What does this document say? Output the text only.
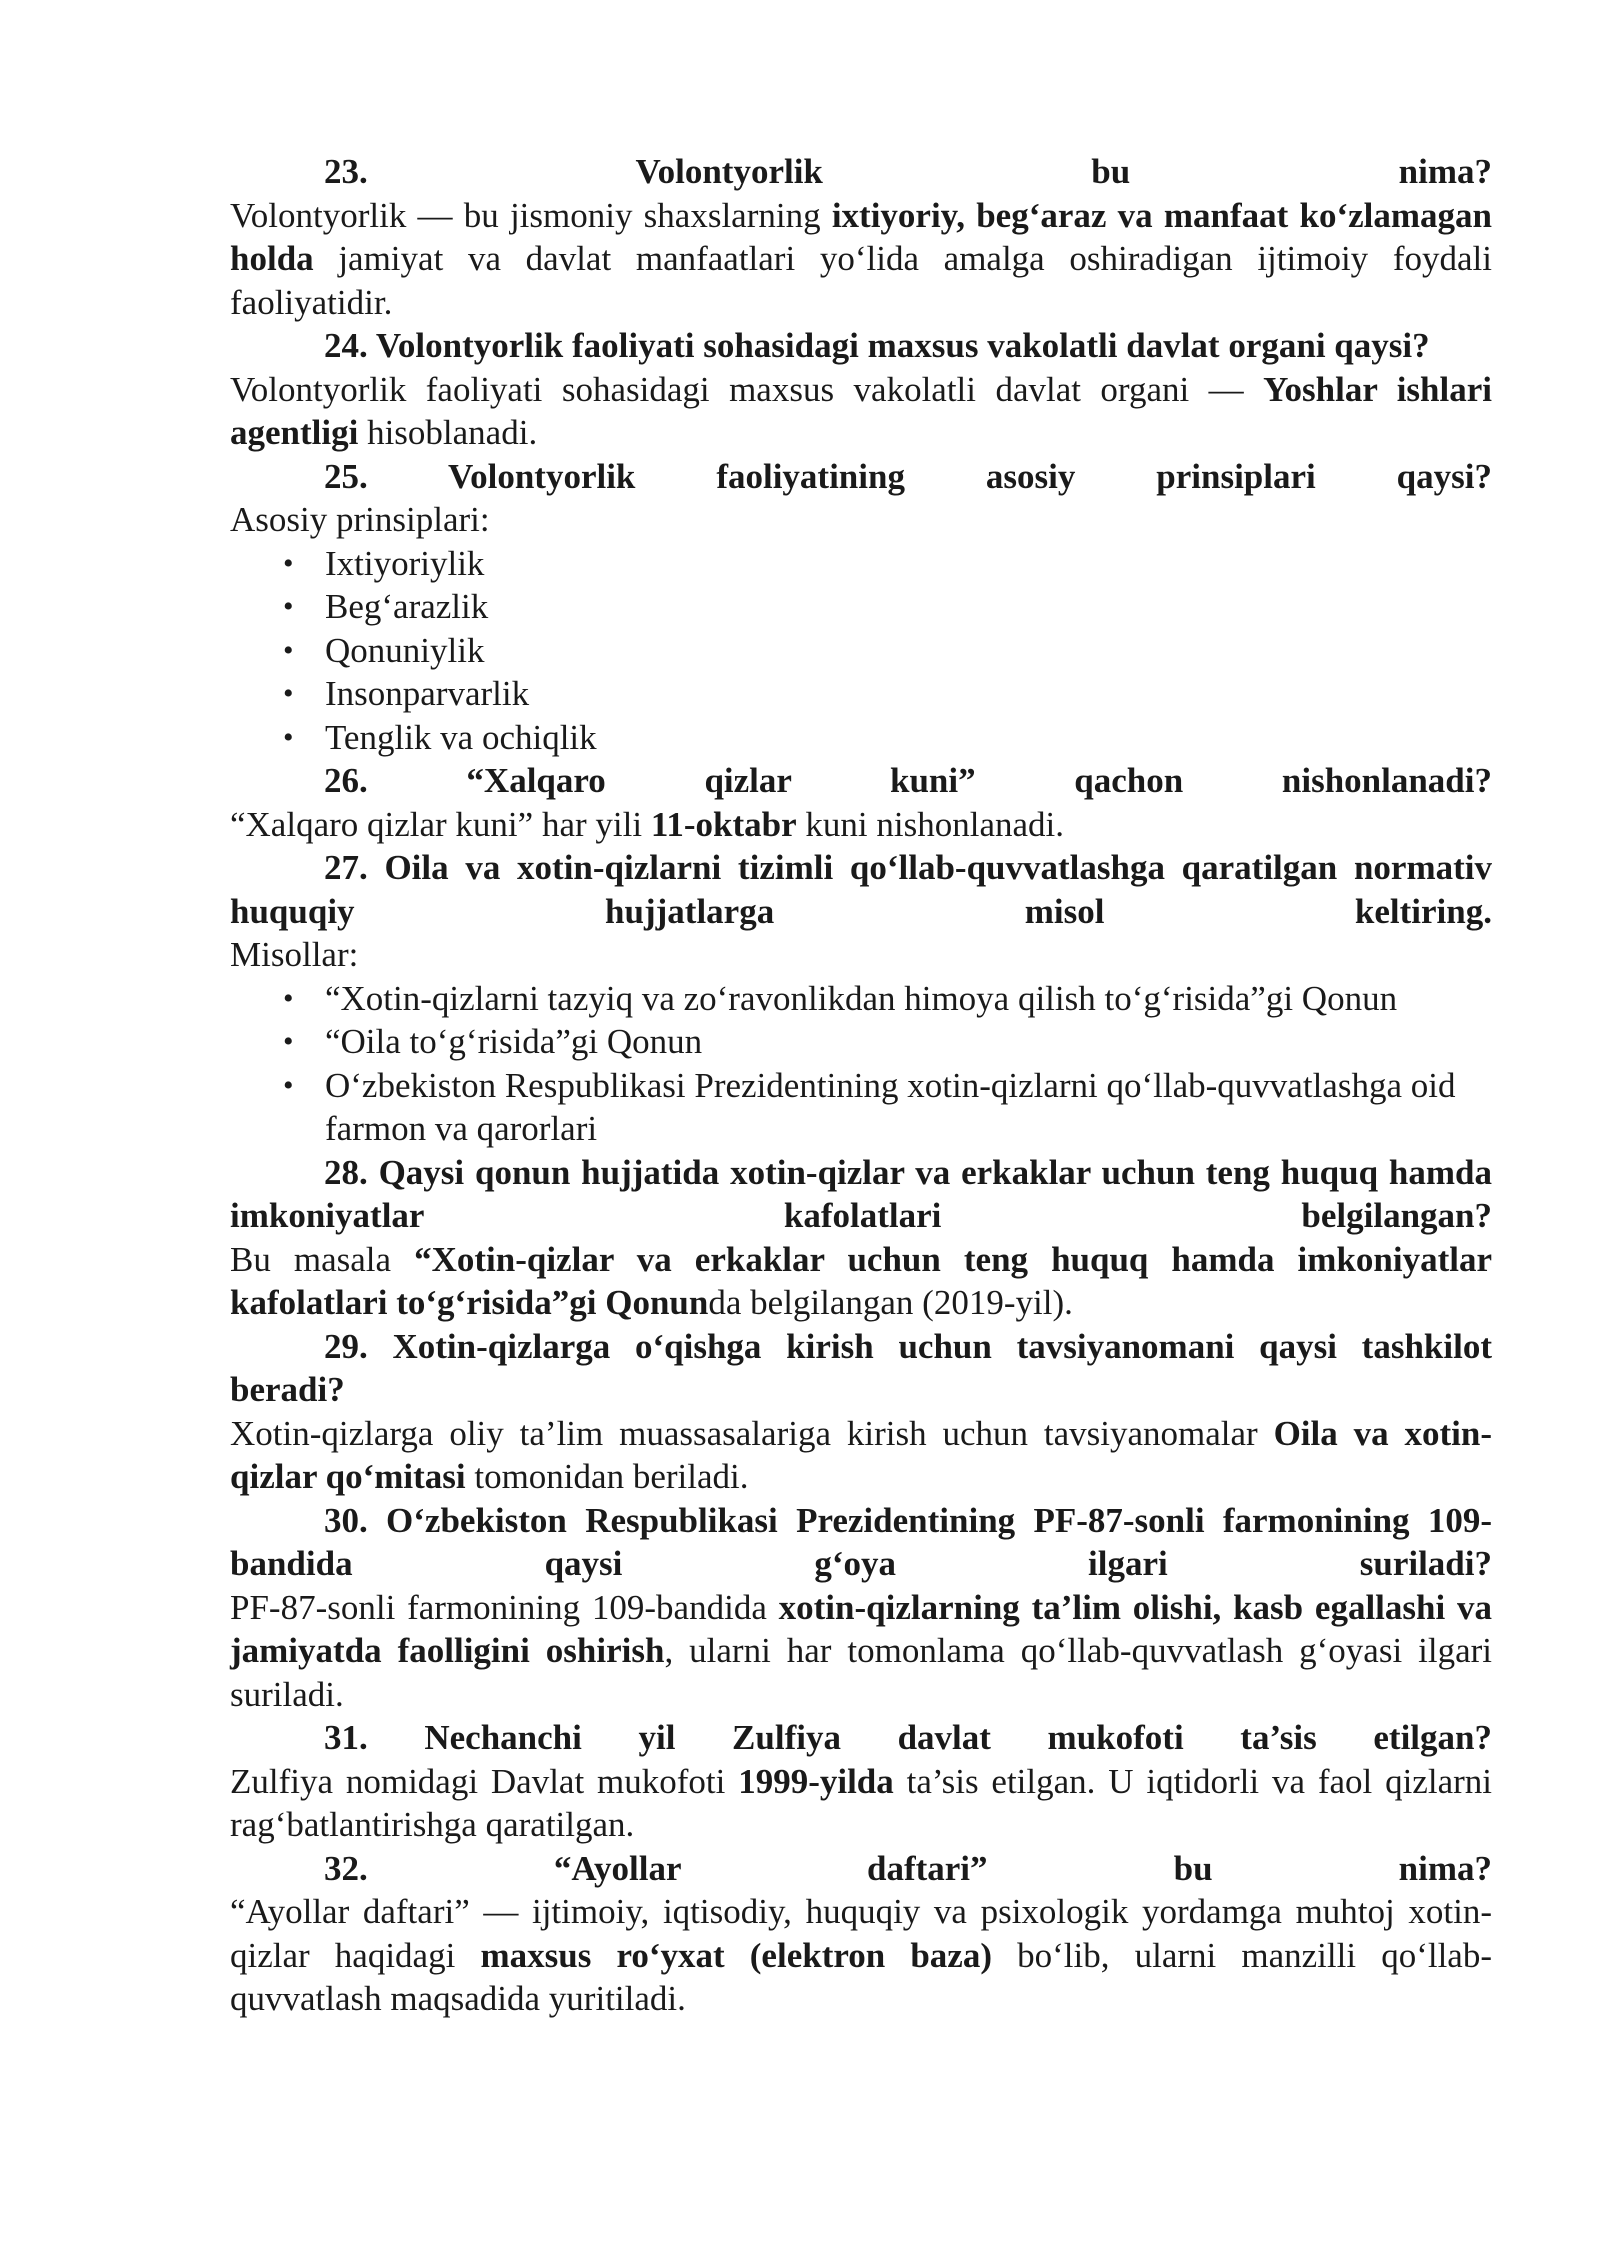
23. Volontyorlik bu nima?

Volontyorlik — bu jismoniy shaxslarning ixtiyoriy, beg‘araz va manfaat ko‘zlamagan holda jamiyat va davlat manfaatlari yo‘lida amalga oshiradigan ijtimoiy foydali faoliyatidir.

24. Volontyorlik faoliyati sohasidagi maxsus vakolatli davlat organi qaysi?

Volontyorlik faoliyati sohasidagi maxsus vakolatli davlat organi — Yoshlar ishlari agentligi hisoblanadi.

25. Volontyorlik faoliyatining asosiy prinsiplari qaysi?

Asosiy prinsiplari:

• Ixtiyoriylik
• Beg‘arazlik
• Qonuniylik
• Insonparvarlik
• Tenglik va ochiqlik

26. “Xalqaro qizlar kuni” qachon nishonlanadi?

“Xalqaro qizlar kuni” har yili 11-oktabr kuni nishonlanadi.

27. Oila va xotin-qizlarni tizimli qo‘llab-quvvatlashga qaratilgan normativ huquqiy hujjatlarga misol keltiring.

Misollar:

• “Xotin-qizlarni tazyiq va zo‘ravonlikdan himoya qilish to‘g‘risida”gi Qonun
• “Oila to‘g‘risida”gi Qonun
• O‘zbekiston Respublikasi Prezidentining xotin-qizlarni qo‘llab-quvvatlashga oid farmon va qarorlari

28. Qaysi qonun hujjatida xotin-qizlar va erkaklar uchun teng huquq hamda imkoniyatlar kafolatlari belgilangan?

Bu masala “Xotin-qizlar va erkaklar uchun teng huquq hamda imkoniyatlar kafolatlari to‘g‘risida”gi Qonunda belgilangan (2019-yil).

29. Xotin-qizlarga o‘qishga kirish uchun tavsiyanomani qaysi tashkilot beradi?

Xotin-qizlarga oliy ta’lim muassasalariga kirish uchun tavsiyanomalar Oila va xotin-qizlar qo‘mitasi tomonidan beriladi.

30. O‘zbekiston Respublikasi Prezidentining PF-87-sonli farmonining 109-bandida qaysi g‘oya ilgari suriladi?

PF-87-sonli farmonining 109-bandida xotin-qizlarning ta’lim olishi, kasb egallashi va jamiyatda faolligini oshirish, ularni har tomonlama qo‘llab-quvvatlash g‘oyasi ilgari suriladi.

31. Nechanchi yil Zulfiya davlat mukofoti ta’sis etilgan?

Zulfiya nomidagi Davlat mukofoti 1999-yilda ta’sis etilgan. U iqtidorli va faol qizlarni rag‘batlantirishga qaratilgan.

32. “Ayollar daftari” bu nima?

“Ayollar daftari” — ijtimoiy, iqtisodiy, huquqiy va psixologik yordamga muhtoj xotin-qizlar haqidagi maxsus ro‘yxat (elektron baza) bo‘lib, ularni manzilli qo‘llab-quvvatlash maqsadida yuritiladi.
